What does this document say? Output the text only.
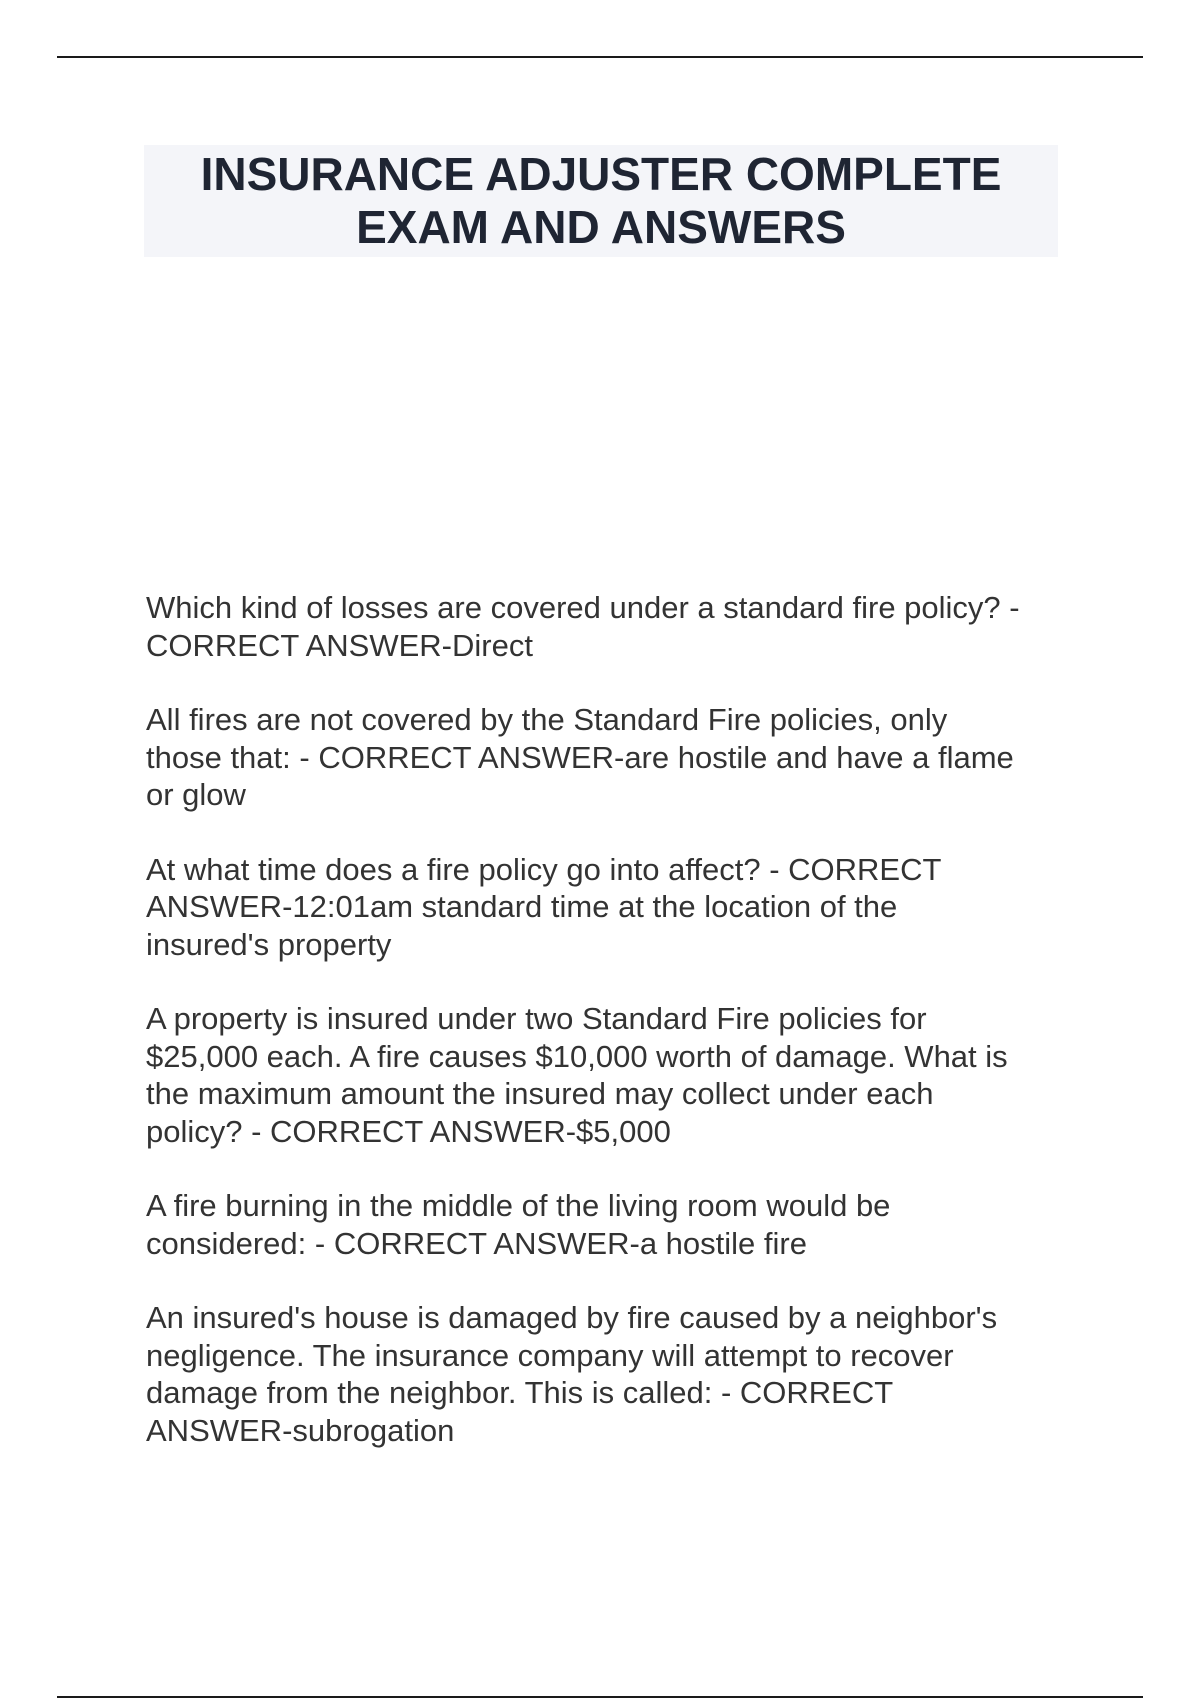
INSURANCE ADJUSTER COMPLETE
EXAM AND ANSWERS

Which kind of losses are covered under a standard fire policy? -
CORRECT ANSWER-Direct

All fires are not covered by the Standard Fire policies, only
those that: - CORRECT ANSWER-are hostile and have a flame
or glow

At what time does a fire policy go into affect? - CORRECT
ANSWER-12:01am standard time at the location of the
insured's property

A property is insured under two Standard Fire policies for
$25,000 each. A fire causes $10,000 worth of damage. What is
the maximum amount the insured may collect under each
policy? - CORRECT ANSWER-$5,000

A fire burning in the middle of the living room would be
considered: - CORRECT ANSWER-a hostile fire

An insured's house is damaged by fire caused by a neighbor's
negligence. The insurance company will attempt to recover
damage from the neighbor. This is called: - CORRECT
ANSWER-subrogation
